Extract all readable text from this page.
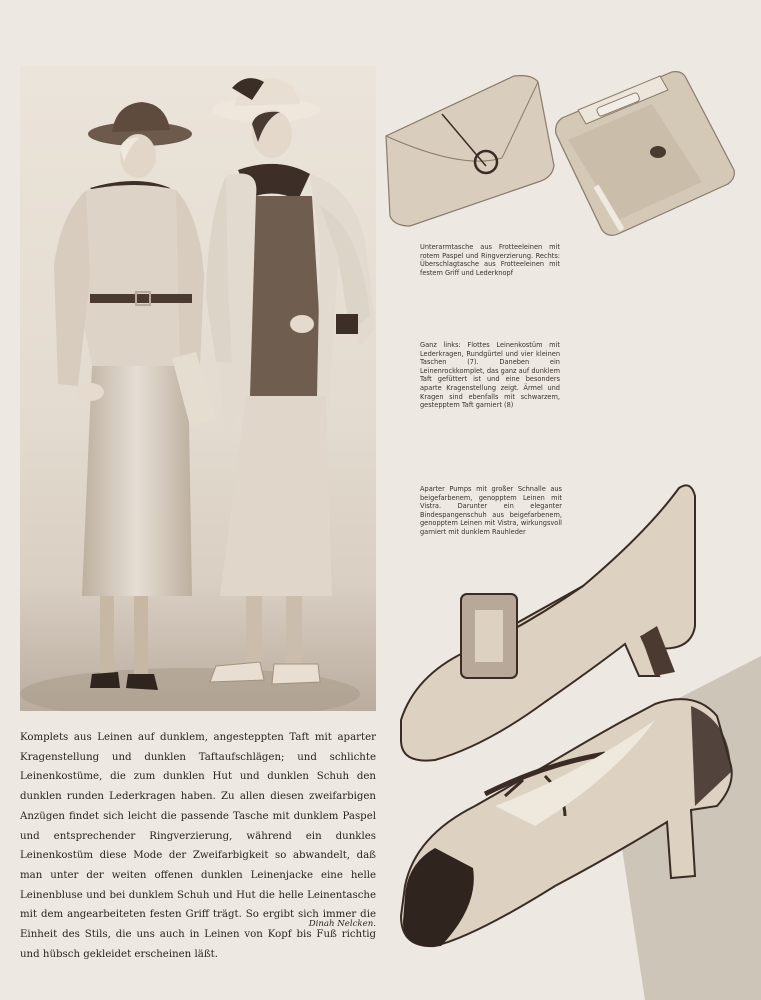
Unterarmtasche aus Frotteeleinen mit rotem Paspel und Ringverzierung. Rechts: Überschlagtasche aus Frotteeleinen mit festem Griff und Lederknopf
Ganz links: Flottes Leinenkostüm mit Lederkragen, Rundgürtel und vier kleinen Taschen (7). Daneben ein Leinenrockkomplet, das ganz auf dunklem Taft gefüttert ist und eine besonders aparte Kragenstellung zeigt. Ärmel und Kragen sind ebenfalls mit schwarzem, gestepptem Taft garniert (8)
Aparter Pumps mit großer Schnalle aus beigefarbenem, genopptem Leinen mit Vistra. Darunter ein eleganter Bindespangenschuh aus beigefarbenem, genopptem Leinen mit Vistra, wirkungsvoll garniert mit dunklem Rauhleder
Komplets aus Leinen auf dunklem, angesteppten Taft mit aparter Kragenstellung und dunklen Taftaufschlägen; und schlichte Leinenkostüme, die zum dunklen Hut und dunklen Schuh den dunklen runden Lederkragen haben. Zu allen diesen zweifarbigen Anzügen findet sich leicht die passende Tasche mit dunklem Paspel und entsprechender Ringverzierung, während ein dunkles Leinenkostüm diese Mode der Zweifarbigkeit so abwandelt, daß man unter der weiten offenen dunklen Leinenjacke eine helle Leinenbluse und bei dunklem Schuh und Hut die helle Leinentasche mit dem angearbeiteten festen Griff trägt. So ergibt sich immer die Einheit des Stils, die uns auch in Leinen von Kopf bis Fuß richtig und hübsch gekleidet erscheinen läßt.
Dinah Nelcken.
